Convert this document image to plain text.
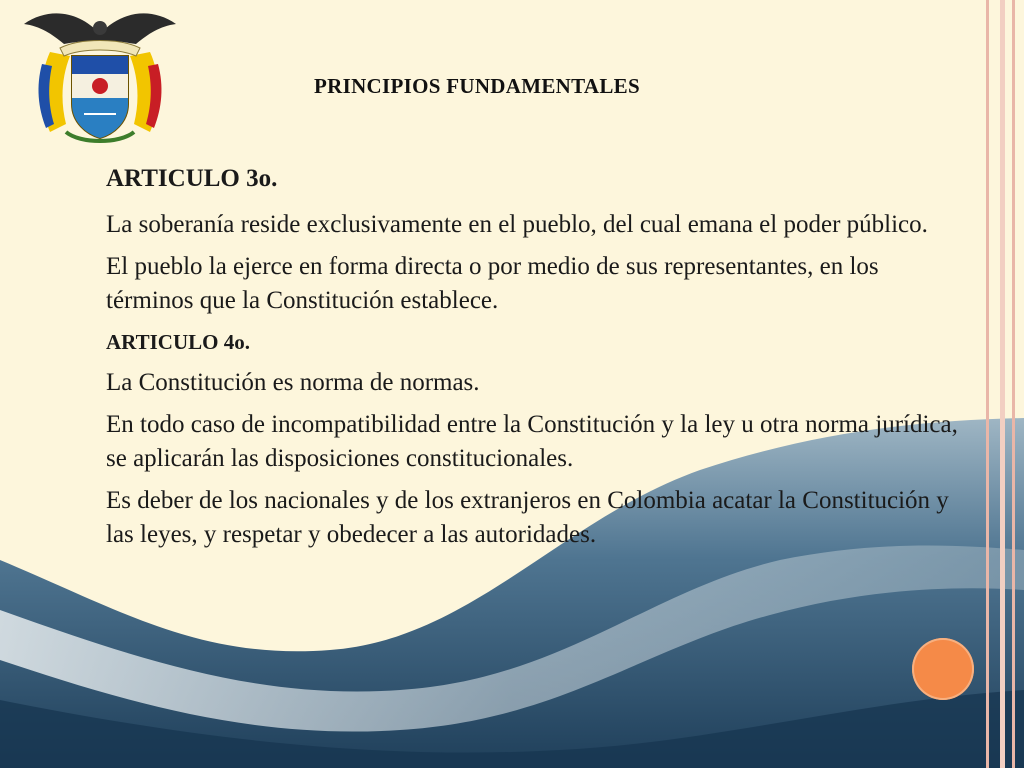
PRINCIPIOS FUNDAMENTALES

ARTICULO 3o.

La soberanía reside exclusivamente en el pueblo, del cual emana el poder público.

El pueblo la ejerce en forma directa o por medio de sus representantes, en los términos que la Constitución establece.

ARTICULO 4o.

La Constitución es norma de normas.

En todo caso de incompatibilidad entre la Constitución y la ley u otra norma jurídica, se aplicarán las disposiciones constitucionales.

Es deber de los nacionales y de los extranjeros en Colombia acatar la Constitución y las leyes, y respetar y obedecer a las autoridades.
